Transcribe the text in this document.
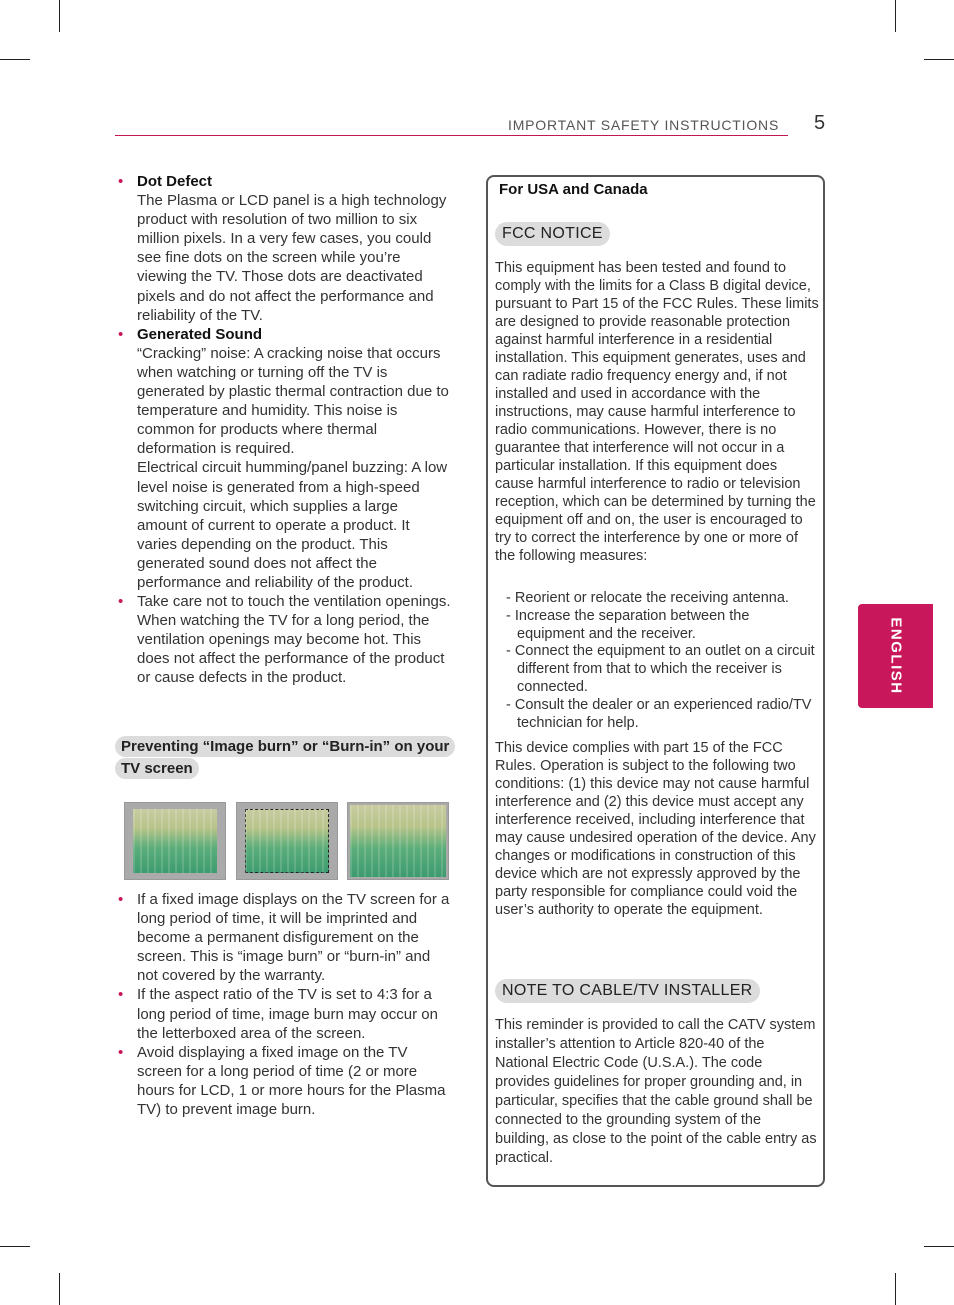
IMPORTANT SAFETY INSTRUCTIONS 5
ENGLISH
• Dot Defect
The Plasma or LCD panel is a high technology product with resolution of two million to six million pixels. In a very few cases, you could see fine dots on the screen while you’re viewing the TV. Those dots are deactivated pixels and do not affect the performance and reliability of the TV.
• Generated Sound
“Cracking” noise: A cracking noise that occurs when watching or turning off the TV is generated by plastic thermal contraction due to temperature and humidity. This noise is common for products where thermal deformation is required.
Electrical circuit humming/panel buzzing: A low level noise is generated from a high-speed switching circuit, which supplies a large amount of current to operate a product. It varies depending on the product. This generated sound does not affect the performance and reliability of the product.
• Take care not to touch the ventilation openings. When watching the TV for a long period, the ventilation openings may become hot. This does not affect the performance of the product or cause defects in the product.
Preventing “Image burn” or “Burn-in” on your TV screen
• If a fixed image displays on the TV screen for a long period of time, it will be imprinted and become a permanent disfigurement on the screen. This is “image burn” or “burn-in” and not covered by the warranty.
• If the aspect ratio of the TV is set to 4:3 for a long period of time, image burn may occur on the letterboxed area of the screen.
• Avoid displaying a fixed image on the TV screen for a long period of time (2 or more hours for LCD, 1 or more hours for the Plasma TV) to prevent image burn.
For USA and Canada
FCC NOTICE
This equipment has been tested and found to comply with the limits for a Class B digital device, pursuant to Part 15 of the FCC Rules. These limits are designed to provide reasonable protection against harmful interference in a residential installation. This equipment generates, uses and can radiate radio frequency energy and, if not installed and used in accordance with the instructions, may cause harmful interference to radio communications. However, there is no guarantee that interference will not occur in a particular installation. If this equipment does cause harmful interference to radio or television reception, which can be determined by turning the equipment off and on, the user is encouraged to try to correct the interference by one or more of the following measures:
- Reorient or relocate the receiving antenna.
- Increase the separation between the equipment and the receiver.
- Connect the equipment to an outlet on a circuit different from that to which the receiver is connected.
- Consult the dealer or an experienced radio/TV technician for help.
This device complies with part 15 of the FCC Rules. Operation is subject to the following two conditions: (1) this device may not cause harmful interference and (2) this device must accept any interference received, including interference that may cause undesired operation of the device. Any changes or modifications in construction of this device which are not expressly approved by the party responsible for compliance could void the user’s authority to operate the equipment.
NOTE TO CABLE/TV INSTALLER
This reminder is provided to call the CATV system installer’s attention to Article 820-40 of the National Electric Code (U.S.A.). The code provides guidelines for proper grounding and, in particular, specifies that the cable ground shall be connected to the grounding system of the building, as close to the point of the cable entry as practical.
